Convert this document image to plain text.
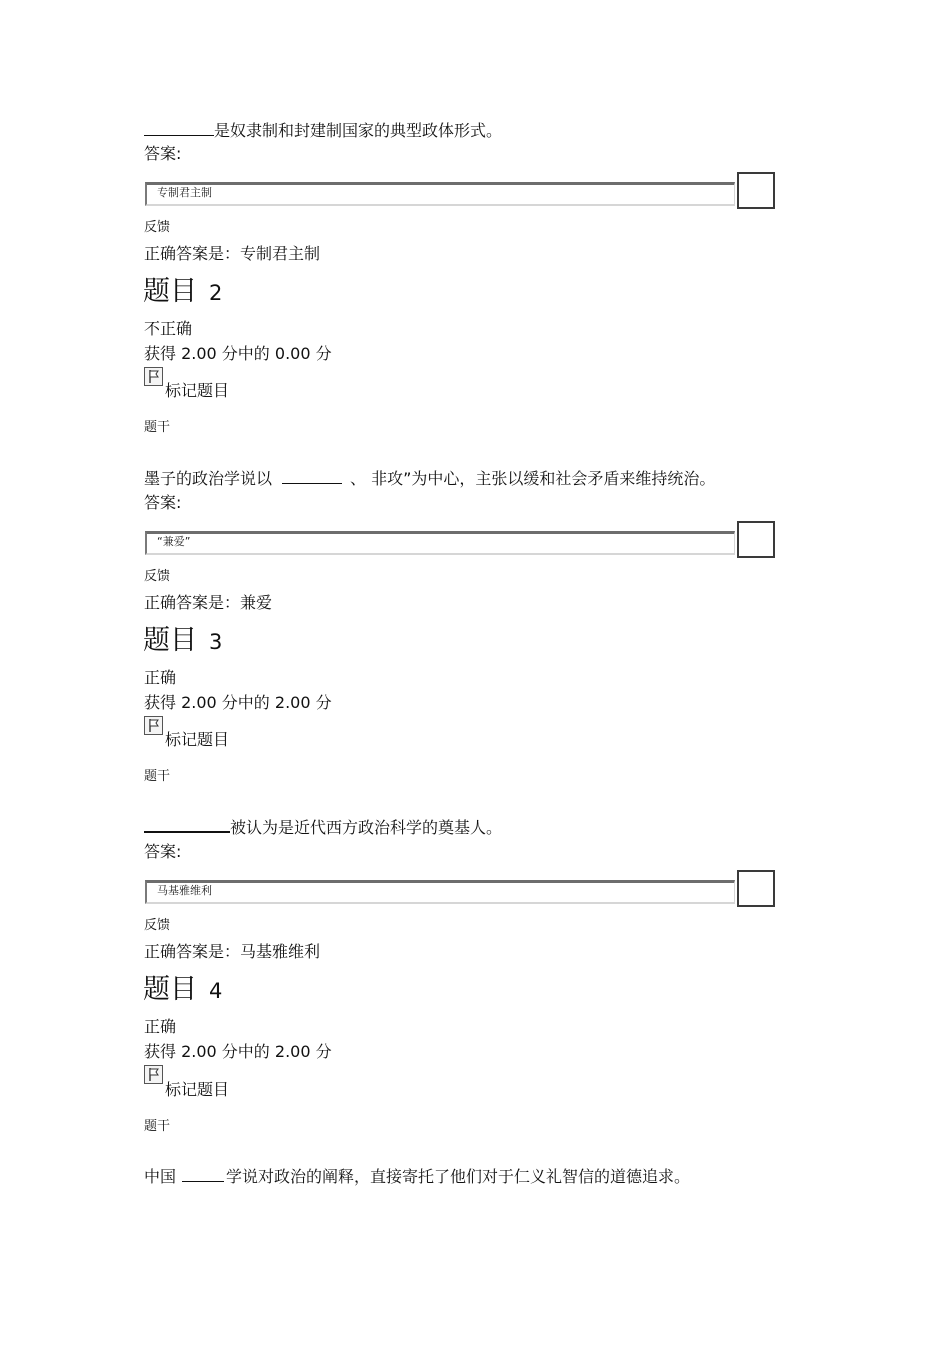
是奴隶制和封建制国家的典型政体形式。
答案:
专制君主制
反馈
正确答案是：专制君主制
题目 2
不正确
获得 2.00 分中的 0.00 分
标记题目
题干
墨子的政治学说以	、 非攻”为中心，主张以缓和社会矛盾来维持统治。
答案:
“兼爱”
反馈
正确答案是：兼爱
题目 3
正确
获得 2.00 分中的 2.00 分
标记题目
题干
被认为是近代西方政治科学的奠基人。
答案:
马基雅维利
反馈
正确答案是：马基雅维利
题目 4
正确
获得 2.00 分中的 2.00 分
标记题目
题干
中国	学说对政治的阐释，直接寄托了他们对于仁义礼智信的道德追求。
